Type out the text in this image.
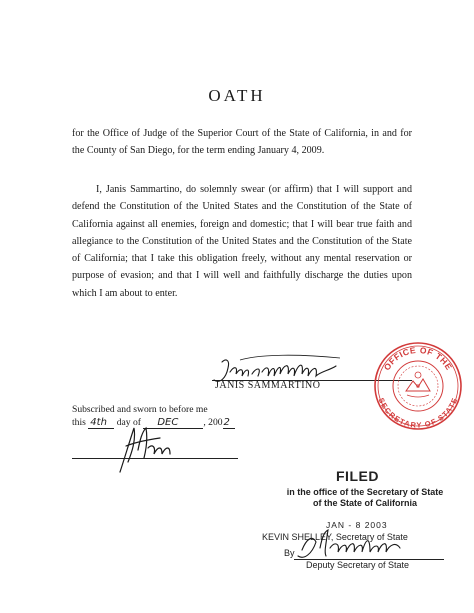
OATH
for the Office of Judge of the Superior Court of the State of California, in and for the County of San Diego, for the term ending January 4, 2009.
I, Janis Sammartino, do solemnly swear (or affirm) that I will support and defend the Constitution of the United States and the Constitution of the State of California against all enemies, foreign and domestic; that I will bear true faith and allegiance to the Constitution of the United States and the Constitution of the State of California; that I take this obligation freely, without any mental reservation or purpose of evasion; and that I will well and faithfully discharge the duties upon which I am about to enter.
JANIS SAMMARTINO
Subscribed and sworn to before me
this 4th day of DEC	, 200 2
FILED
in the office of the Secretary of State
of the State of California
JAN - 8 2003
KEVIN SHELLEY, Secretary of State
By
Deputy Secretary of State
OFFICE OF THE
SECRETARY OF STATE
